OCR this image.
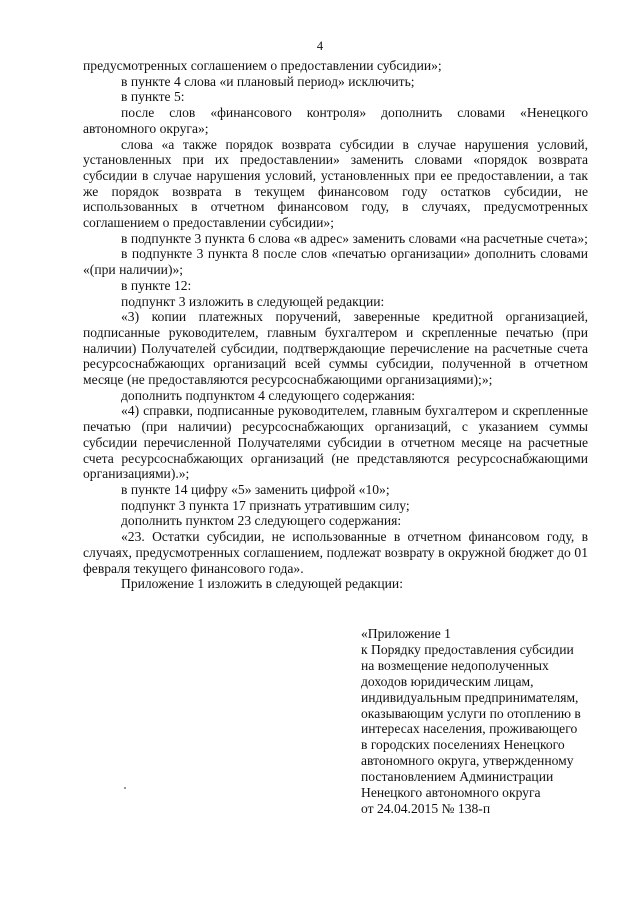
4

предусмотренных соглашением о предоставлении субсидии»;

в пункте 4 слова «и плановый период» исключить;

в пункте 5:

после слов «финансового контроля» дополнить словами «Ненецкого автономного округа»;

слова «а также порядок возврата субсидии в случае нарушения условий, установленных при их предоставлении» заменить словами «порядок возврата субсидии в случае нарушения условий, установленных при ее предоставлении, а так же порядок возврата в текущем финансовом году остатков субсидии, не использованных в отчетном финансовом году, в случаях, предусмотренных соглашением о предоставлении субсидии»;

в подпункте 3 пункта 6 слова «в адрес» заменить словами «на расчетные счета»;

в подпункте 3 пункта 8 после слов «печатью организации» дополнить словами «(при наличии)»;

в пункте 12:

подпункт 3 изложить в следующей редакции:

«3) копии платежных поручений, заверенные кредитной организацией, подписанные руководителем, главным бухгалтером и скрепленные печатью (при наличии) Получателей субсидии, подтверждающие перечисление на расчетные счета ресурсоснабжающих организаций всей суммы субсидии, полученной в отчетном месяце (не предоставляются ресурсоснабжающими организациями);»;

дополнить подпунктом 4 следующего содержания:

«4) справки, подписанные руководителем, главным бухгалтером и скрепленные печатью (при наличии) ресурсоснабжающих организаций, с указанием суммы субсидии перечисленной Получателями субсидии в отчетном месяце на расчетные счета ресурсоснабжающих организаций (не представляются ресурсоснабжающими организациями).»;

в пункте 14 цифру «5» заменить цифрой «10»;

подпункт 3 пункта 17 признать утратившим силу;

дополнить пунктом 23 следующего содержания:

«23. Остатки субсидии, не использованные в отчетном финансовом году, в случаях, предусмотренных соглашением, подлежат возврату в окружной бюджет до 01 февраля текущего финансового года».

Приложение 1 изложить в следующей редакции:

«Приложение 1
к Порядку предоставления субсидии
на возмещение недополученных
доходов юридическим лицам,
индивидуальным предпринимателям,
оказывающим услуги по отоплению в
интересах населения, проживающего
в городских поселениях Ненецкого
автономного округа, утвержденному
постановлением Администрации
Ненецкого автономного округа
от 24.04.2015 № 138-п
